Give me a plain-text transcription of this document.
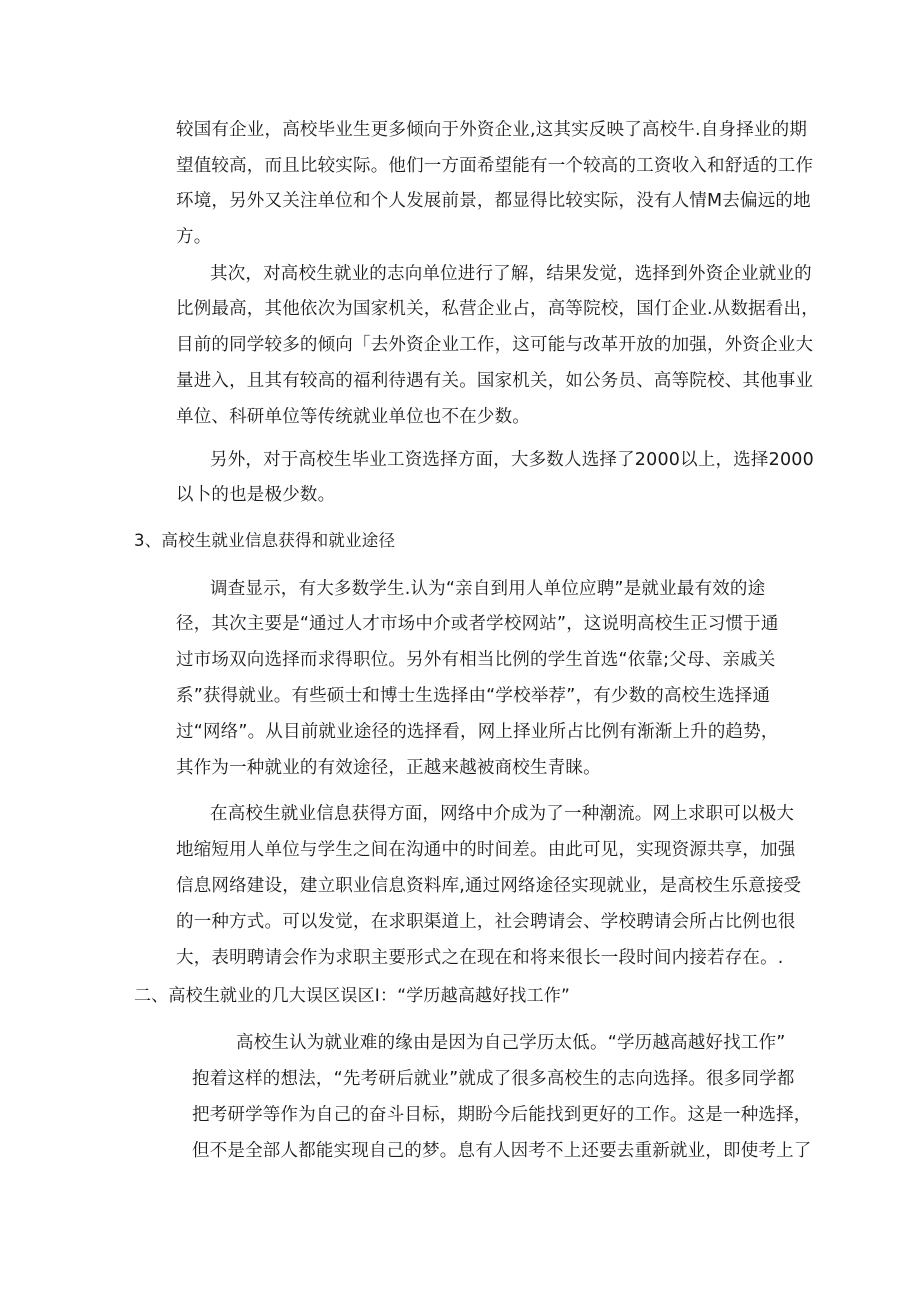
较国有企业，高校毕业生更多倾向于外资企业,这其实反映了高校牛.自身择业的期
望值较高，而且比较实际。他们一方面希望能有一个较高的工资收入和舒适的工作
环境，另外又关注单位和个人发展前景，都显得比较实际，没有人情M去偏远的地
方。
其次，对高校生就业的志向单位进行了解，结果发觉，选择到外资企业就业的
比例最高，其他依次为国家机关，私营企业占，高等院校，国仃企业.从数据看出，
目前的同学较多的倾向「去外资企业工作，这可能与改革开放的加强，外资企业大
量进入，且其有较高的福利待遇有关。国家机关，如公务员、高等院校、其他事业
单位、科研单位等传统就业单位也不在少数。
另外，对于高校生毕业工资选择方面，大多数人选择了2000以上，选择2000
以卜的也是极少数。
3、高校生就业信息获得和就业途径
调查显示，有大多数学生.认为“亲自到用人单位应聘”是就业最有效的途
径，其次主要是“通过人才市场中介或者学校网站”，这说明高校生正习惯于通
过市场双向选择而求得职位。另外有相当比例的学生首选“依靠;父母、亲戚关
系”获得就业。有些硕士和博士生选择由“学校举荐”，有少数的高校生选择通
过“网络”。从目前就业途径的选择看，网上择业所占比例有渐渐上升的趋势，
其作为一种就业的有效途径，正越来越被商校生青睐。
在高校生就业信息获得方面，网络中介成为了一种潮流。网上求职可以极大
地缩短用人单位与学生之间在沟通中的时间差。由此可见，实现资源共享，加强
信息网络建设，建立职业信息资料库,通过网络途径实现就业，是高校生乐意接受
的一种方式。可以发觉，在求职渠道上，社会聘请会、学校聘请会所占比例也很
大，表明聘请会作为求职主要形式之在现在和将来很长一段时间内接若存在。.
二、高校生就业的几大误区误区I：“学历越高越好找工作”
高校生认为就业难的缘由是因为自己学历太低。“学历越高越好找工作”
抱着这样的想法，“先考研后就业”就成了很多高校生的志向选择。很多同学都
把考研学等作为自己的奋斗目标，期盼今后能找到更好的工作。这是一种选择，
但不是全部人都能实现自己的梦。息有人因考不上还要去重新就业，即使考上了
